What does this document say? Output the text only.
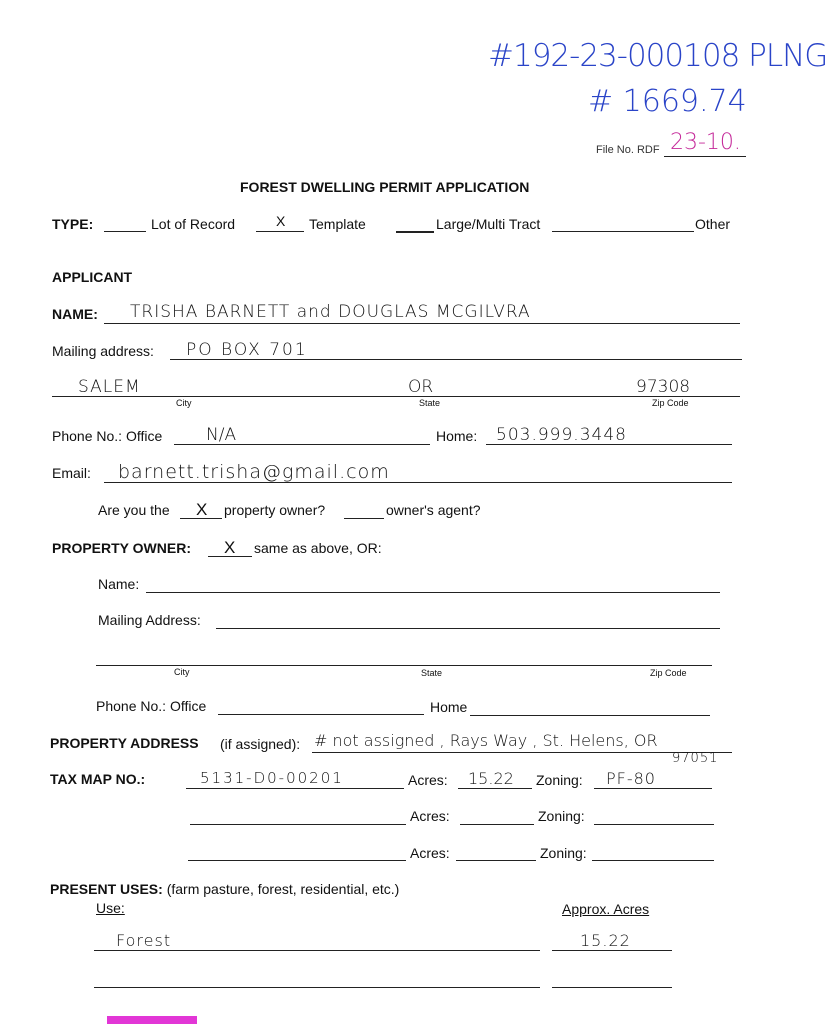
#192-23-000108 PLNG
# 1669.74
File No. RDF 23-10.
FOREST DWELLING PERMIT APPLICATION
TYPE:	Lot of Record	X Template	Large/Multi Tract	Other
APPLICANT
NAME: TRISHA BARNETT and DOUGLAS MCGILVRA
Mailing address: PO BOX 701
SALEM	OR	97308
City	State	Zip Code
Phone No.: Office	N/A	Home: 503.999.3448
Email: barnett.trisha@gmail.com
Are you the X property owner?	owner's agent?
PROPERTY OWNER: X same as above, OR:
Name:
Mailing Address:
City	State	Zip Code
Phone No.: Office	Home
PROPERTY ADDRESS (if assigned): # not assigned , Rays Way , St. Helens, OR
97051
TAX MAP NO.:	5131-D0-00201	Acres: 15.22 Zoning: PF-80
Acres:	Zoning:
Acres:	Zoning:
PRESENT USES: (farm pasture, forest, residential, etc.)
Use:	Approx. Acres
Forest	15.22
